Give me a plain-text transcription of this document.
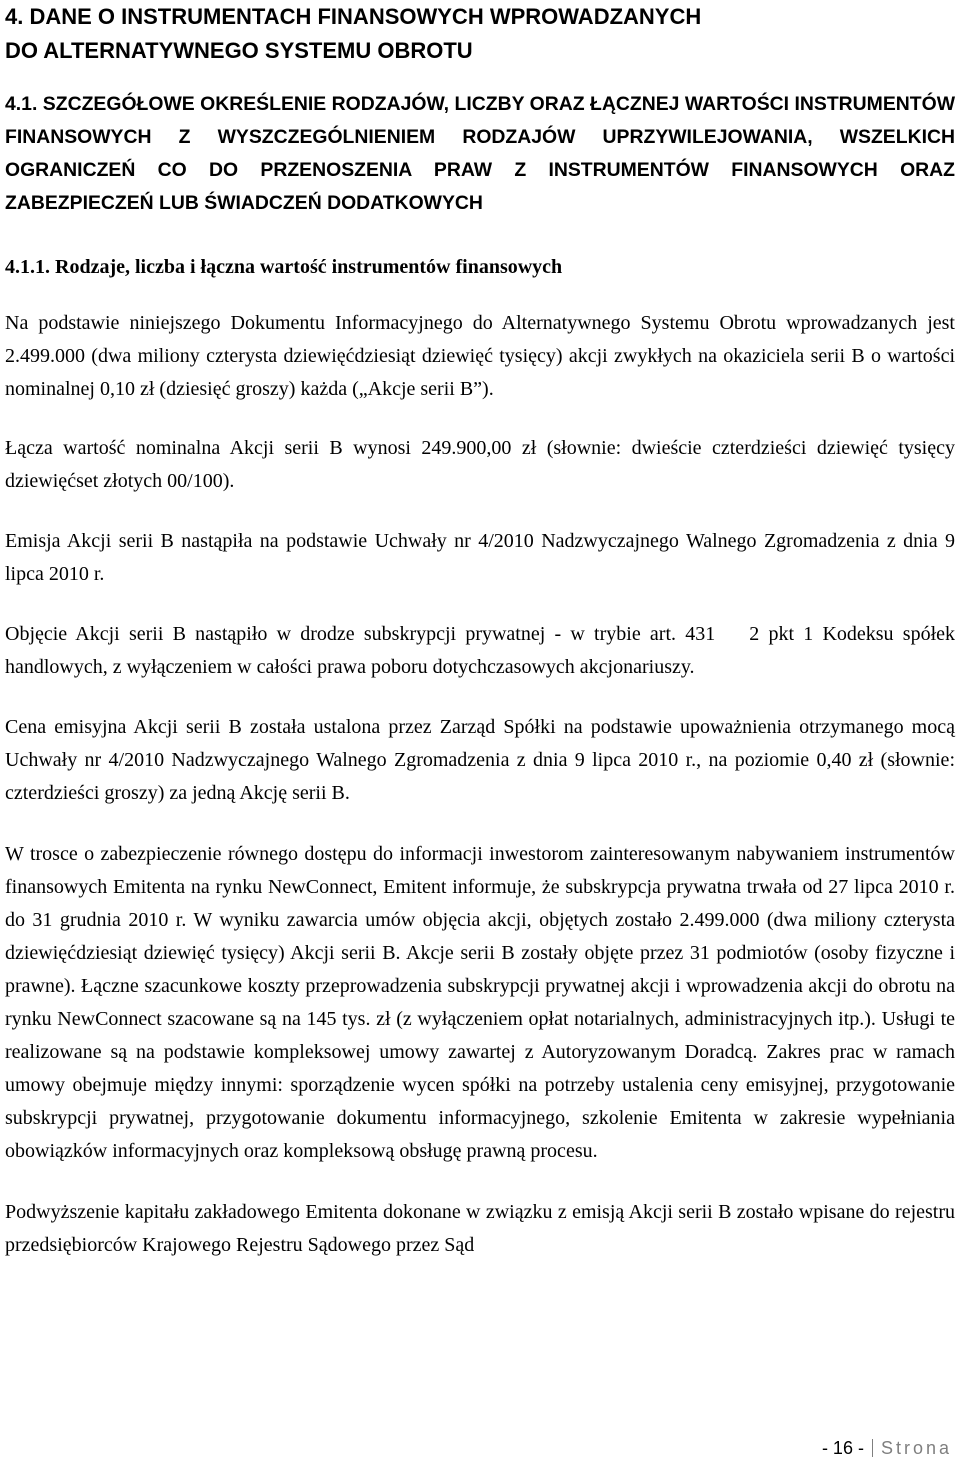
4. DANE O INSTRUMENTACH FINANSOWYCH WPROWADZANYCH
DO ALTERNATYWNEGO SYSTEMU OBROTU
4.1. SZCZEGÓŁOWE OKREŚLENIE RODZAJÓW, LICZBY ORAZ ŁĄCZNEJ WARTOŚCI INSTRUMENTÓW FINANSOWYCH Z WYSZCZEGÓLNIENIEM RODZAJÓW UPRZYWILEJOWANIA, WSZELKICH OGRANICZEŃ CO DO PRZENOSZENIA PRAW Z INSTRUMENTÓW FINANSOWYCH ORAZ ZABEZPIECZEŃ LUB ŚWIADCZEŃ DODATKOWYCH
4.1.1. Rodzaje, liczba i łączna wartość instrumentów finansowych

Na podstawie niniejszego Dokumentu Informacyjnego do Alternatywnego Systemu Obrotu wprowadzanych jest 2.499.000 (dwa miliony czterysta dziewięćdziesiąt dziewięć tysięcy) akcji zwykłych na okaziciela serii B o wartości nominalnej 0,10 zł (dziesięć groszy) każda („Akcje serii B”).

Łącza wartość nominalna Akcji serii B wynosi 249.900,00 zł (słownie: dwieście czterdzieści dziewięć tysięcy dziewięćset złotych 00/100).

Emisja Akcji serii B nastąpiła na podstawie Uchwały nr 4/2010 Nadzwyczajnego Walnego Zgromadzenia z dnia 9 lipca 2010 r.

Objęcie Akcji serii B nastąpiło w drodze subskrypcji prywatnej - w trybie art. 431 2 pkt 1 Kodeksu spółek handlowych, z wyłączeniem w całości prawa poboru dotychczasowych akcjonariuszy.

Cena emisyjna Akcji serii B została ustalona przez Zarząd Spółki na podstawie upoważnienia otrzymanego mocą Uchwały nr 4/2010 Nadzwyczajnego Walnego Zgromadzenia z dnia 9 lipca 2010 r., na poziomie 0,40 zł (słownie: czterdzieści groszy) za jedną Akcję serii B.

W trosce o zabezpieczenie równego dostępu do informacji inwestorom zainteresowanym nabywaniem instrumentów finansowych Emitenta na rynku NewConnect, Emitent informuje, że subskrypcja prywatna trwała od 27 lipca 2010 r. do 31 grudnia 2010 r. W wyniku zawarcia umów objęcia akcji, objętych zostało 2.499.000 (dwa miliony czterysta dziewięćdziesiąt dziewięć tysięcy) Akcji serii B. Akcje serii B zostały objęte przez 31 podmiotów (osoby fizyczne i prawne). Łączne szacunkowe koszty przeprowadzenia subskrypcji prywatnej akcji i wprowadzenia akcji do obrotu na rynku NewConnect szacowane są na 145 tys. zł (z wyłączeniem opłat notarialnych, administracyjnych itp.). Usługi te realizowane są na podstawie kompleksowej umowy zawartej z Autoryzowanym Doradcą. Zakres prac w ramach umowy obejmuje między innymi: sporządzenie wycen spółki na potrzeby ustalenia ceny emisyjnej, przygotowanie subskrypcji prywatnej, przygotowanie dokumentu informacyjnego, szkolenie Emitenta w zakresie wypełniania obowiązków informacyjnych oraz kompleksową obsługę prawną procesu.

Podwyższenie kapitału zakładowego Emitenta dokonane w związku z emisją Akcji serii B zostało wpisane do rejestru przedsiębiorców Krajowego Rejestru Sądowego przez Sąd

- 16 - Strona
